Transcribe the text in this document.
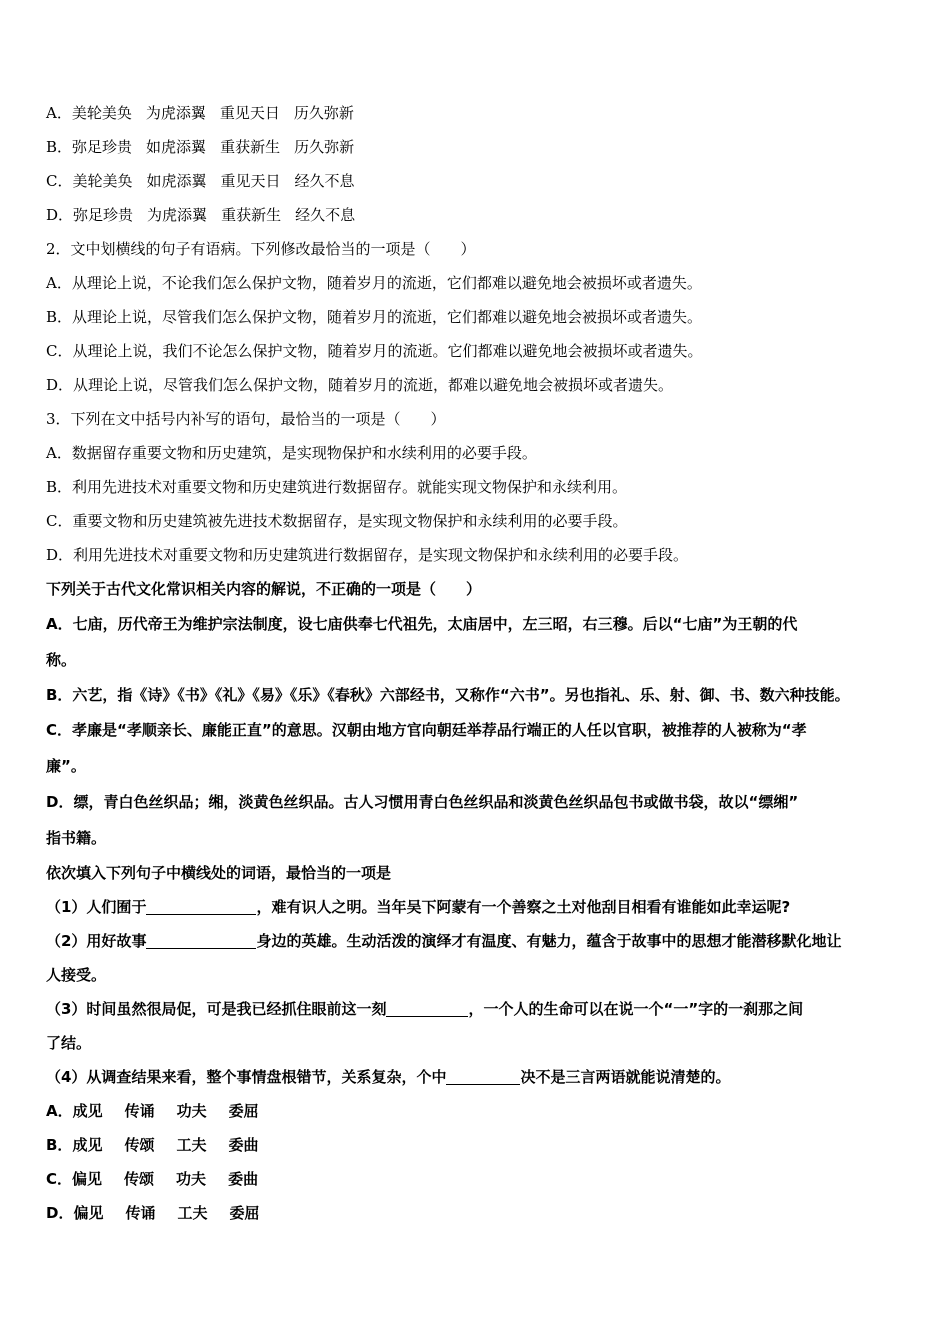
A．美轮美奂 为虎添翼 重见天日 历久弥新
B．弥足珍贵 如虎添翼 重获新生 历久弥新
C．美轮美奂 如虎添翼 重见天日 经久不息
D．弥足珍贵 为虎添翼 重获新生 经久不息
2．文中划横线的句子有语病。下列修改最恰当的一项是（　　）
A．从理论上说，不论我们怎么保护文物，随着岁月的流逝，它们都难以避免地会被损坏或者遗失。
B．从理论上说，尽管我们怎么保护文物，随着岁月的流逝，它们都难以避免地会被损坏或者遗失。
C．从理论上说，我们不论怎么保护文物，随着岁月的流逝。它们都难以避免地会被损坏或者遗失。
D．从理论上说，尽管我们怎么保护文物，随着岁月的流逝，都难以避免地会被损坏或者遗失。
3．下列在文中括号内补写的语句，最恰当的一项是（　　）
A．数据留存重要文物和历史建筑，是实现物保护和水续利用的必要手段。
B．利用先进技术对重要文物和历史建筑进行数据留存。就能实现文物保护和永续利用。
C．重要文物和历史建筑被先进技术数据留存，是实现文物保护和永续利用的必要手段。
D．利用先进技术对重要文物和历史建筑进行数据留存，是实现文物保护和永续利用的必要手段。
下列关于古代文化常识相关内容的解说，不正确的一项是（　　）
A．七庙，历代帝王为维护宗法制度，设七庙供奉七代祖先，太庙居中，左三昭，右三穆。后以“七庙”为王朝的代
称。
B．六艺，指《诗》《书》《礼》《易》《乐》《春秋》六部经书，又称作“六书”。另也指礼、乐、射、御、书、数六种技能。
C．孝廉是“孝顺亲长、廉能正直”的意思。汉朝由地方官向朝廷举荐品行端正的人任以官职，被推荐的人被称为“孝
廉”。
D．缥，青白色丝织品；缃，淡黄色丝织品。古人习惯用青白色丝织品和淡黄色丝织品包书或做书袋，故以“缥缃”
指书籍。
依次填入下列句子中横线处的词语，最恰当的一项是
（1）人们囿于	，难有识人之明。当年吴下阿蒙有一个善察之土对他刮目相看有谁能如此幸运呢?
（2）用好故事	身边的英雄。生动活泼的演绎才有温度、有魅力，蕴含于故事中的思想才能潜移默化地让
人接受。
（3）时间虽然很局促，可是我已经抓住眼前这一刻	，一个人的生命可以在说一个“一”字的一刹那之间
了结。
（4）从调查结果来看，整个事情盘根错节，关系复杂，个中	决不是三言两语就能说清楚的。
A．成见 传诵 功夫 委屈
B．成见 传颂 工夫 委曲
C．偏见 传颂 功夫 委曲
D．偏见 传诵 工夫 委屈
